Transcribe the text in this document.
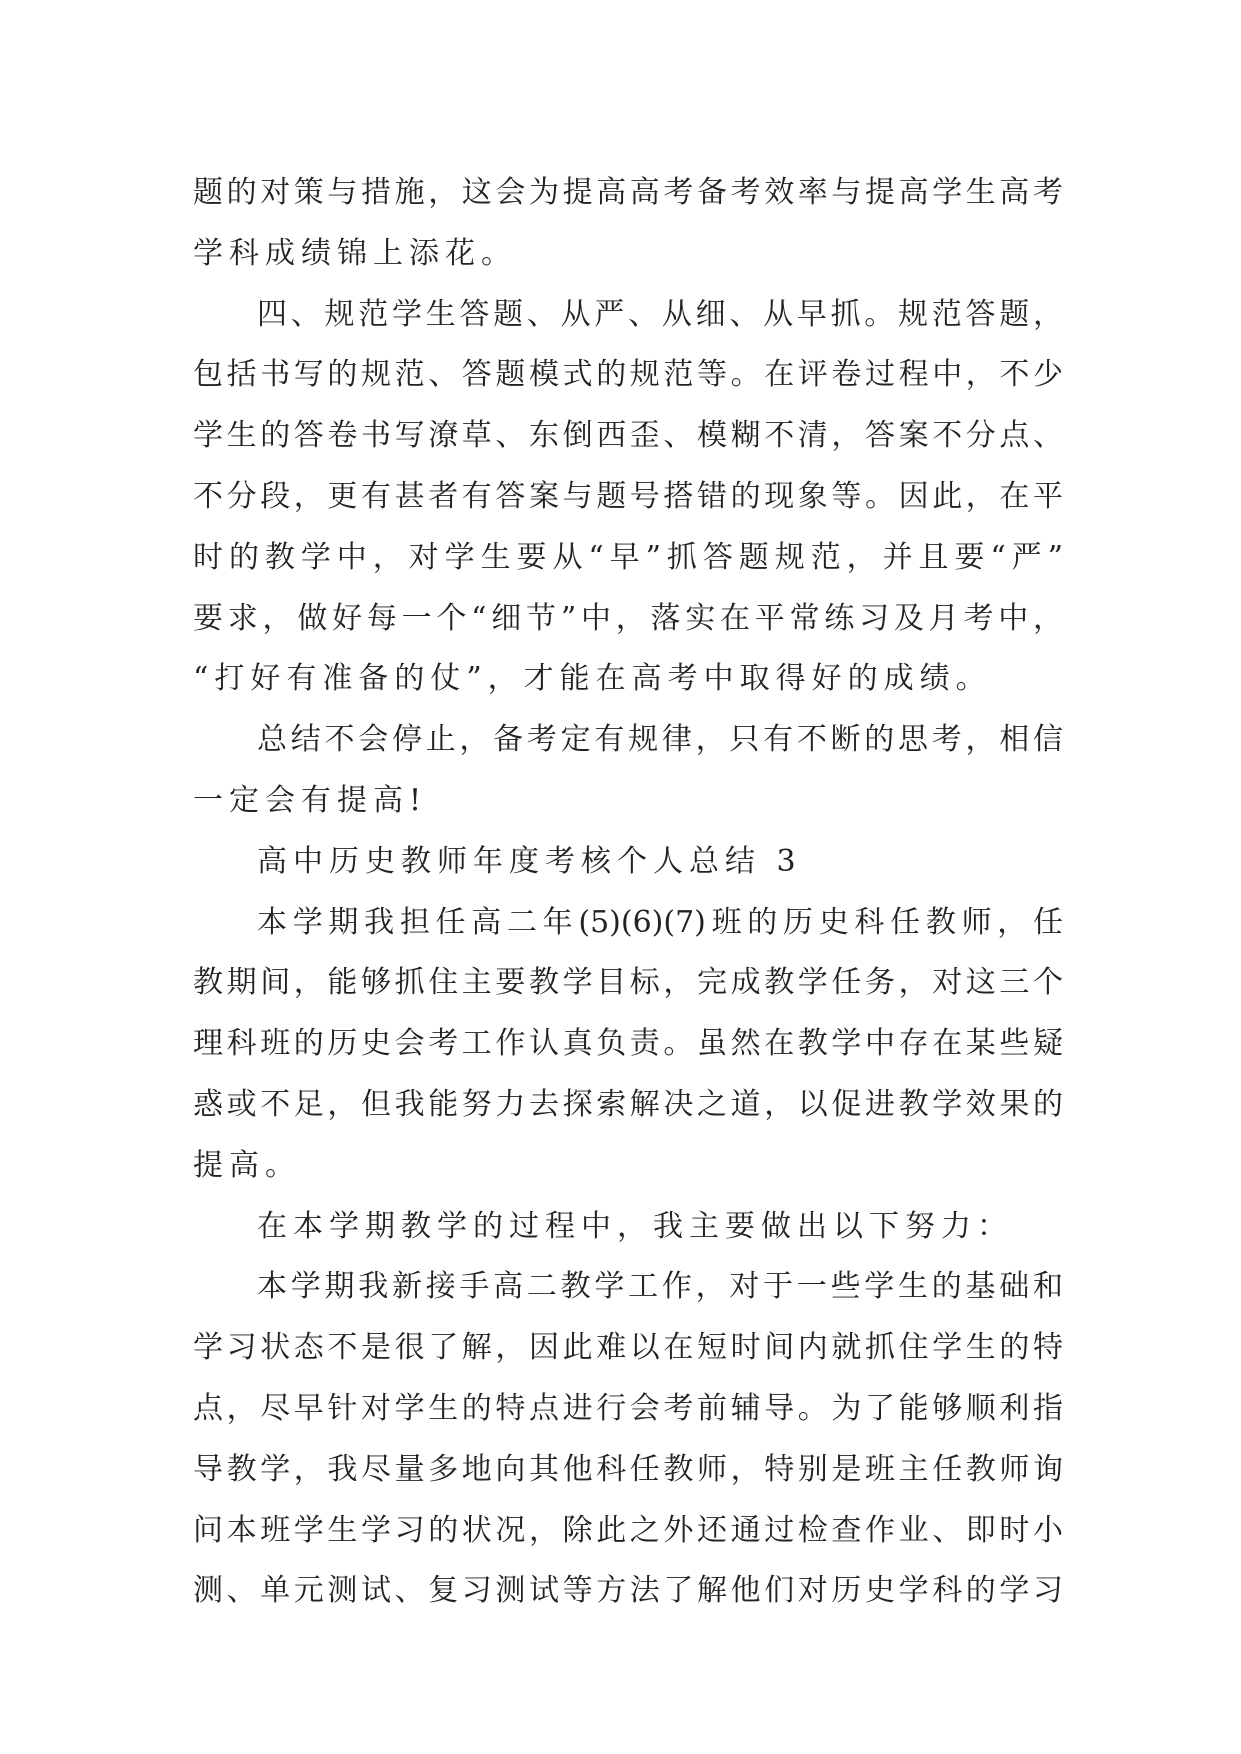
题的对策与措施，这会为提高高考备考效率与提高学生高考
学科成绩锦上添花。
四、规范学生答题、从严、从细、从早抓。规范答题，
包括书写的规范、答题模式的规范等。在评卷过程中，不少
学生的答卷书写潦草、东倒西歪、模糊不清，答案不分点、
不分段，更有甚者有答案与题号搭错的现象等。因此，在平
时的教学中，对学生要从“早”抓答题规范，并且要“严”
要求，做好每一个“细节”中，落实在平常练习及月考中，
“打好有准备的仗”，才能在高考中取得好的成绩。
总结不会停止，备考定有规律，只有不断的思考，相信
一定会有提高!
高中历史教师年度考核个人总结 3
本学期我担任高二年(5)(6)(7)班的历史科任教师，任
教期间，能够抓住主要教学目标，完成教学任务，对这三个
理科班的历史会考工作认真负责。虽然在教学中存在某些疑
惑或不足，但我能努力去探索解决之道，以促进教学效果的
提高。
在本学期教学的过程中，我主要做出以下努力：
本学期我新接手高二教学工作，对于一些学生的基础和
学习状态不是很了解，因此难以在短时间内就抓住学生的特
点，尽早针对学生的特点进行会考前辅导。为了能够顺利指
导教学，我尽量多地向其他科任教师，特别是班主任教师询
问本班学生学习的状况，除此之外还通过检查作业、即时小
测、单元测试、复习测试等方法了解他们对历史学科的学习
